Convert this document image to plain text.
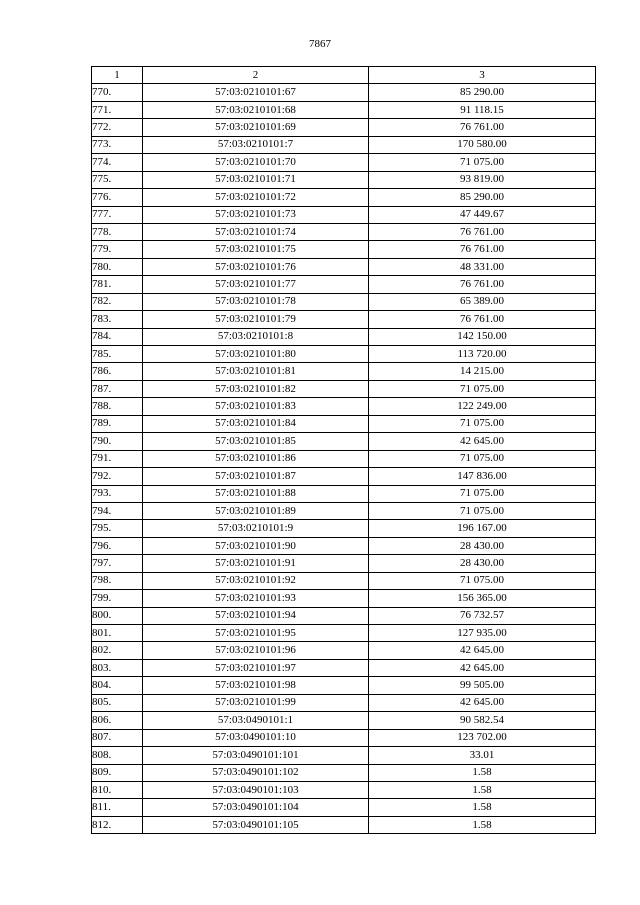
7867
1	2	3
770.	57:03:0210101:67	85 290.00
771.	57:03:0210101:68	91 118.15
772.	57:03:0210101:69	76 761.00
773.	57:03:0210101:7	170 580.00
774.	57:03:0210101:70	71 075.00
775.	57:03:0210101:71	93 819.00
776.	57:03:0210101:72	85 290.00
777.	57:03:0210101:73	47 449.67
778.	57:03:0210101:74	76 761.00
779.	57:03:0210101:75	76 761.00
780.	57:03:0210101:76	48 331.00
781.	57:03:0210101:77	76 761.00
782.	57:03:0210101:78	65 389.00
783.	57:03:0210101:79	76 761.00
784.	57:03:0210101:8	142 150.00
785.	57:03:0210101:80	113 720.00
786.	57:03:0210101:81	14 215.00
787.	57:03:0210101:82	71 075.00
788.	57:03:0210101:83	122 249.00
789.	57:03:0210101:84	71 075.00
790.	57:03:0210101:85	42 645.00
791.	57:03:0210101:86	71 075.00
792.	57:03:0210101:87	147 836.00
793.	57:03:0210101:88	71 075.00
794.	57:03:0210101:89	71 075.00
795.	57:03:0210101:9	196 167.00
796.	57:03:0210101:90	28 430.00
797.	57:03:0210101:91	28 430.00
798.	57:03:0210101:92	71 075.00
799.	57:03:0210101:93	156 365.00
800.	57:03:0210101:94	76 732.57
801.	57:03:0210101:95	127 935.00
802.	57:03:0210101:96	42 645.00
803.	57:03:0210101:97	42 645.00
804.	57:03:0210101:98	99 505.00
805.	57:03:0210101:99	42 645.00
806.	57:03:0490101:1	90 582.54
807.	57:03:0490101:10	123 702.00
808.	57:03:0490101:101	33.01
809.	57:03:0490101:102	1.58
810.	57:03:0490101:103	1.58
811.	57:03:0490101:104	1.58
812.	57:03:0490101:105	1.58
